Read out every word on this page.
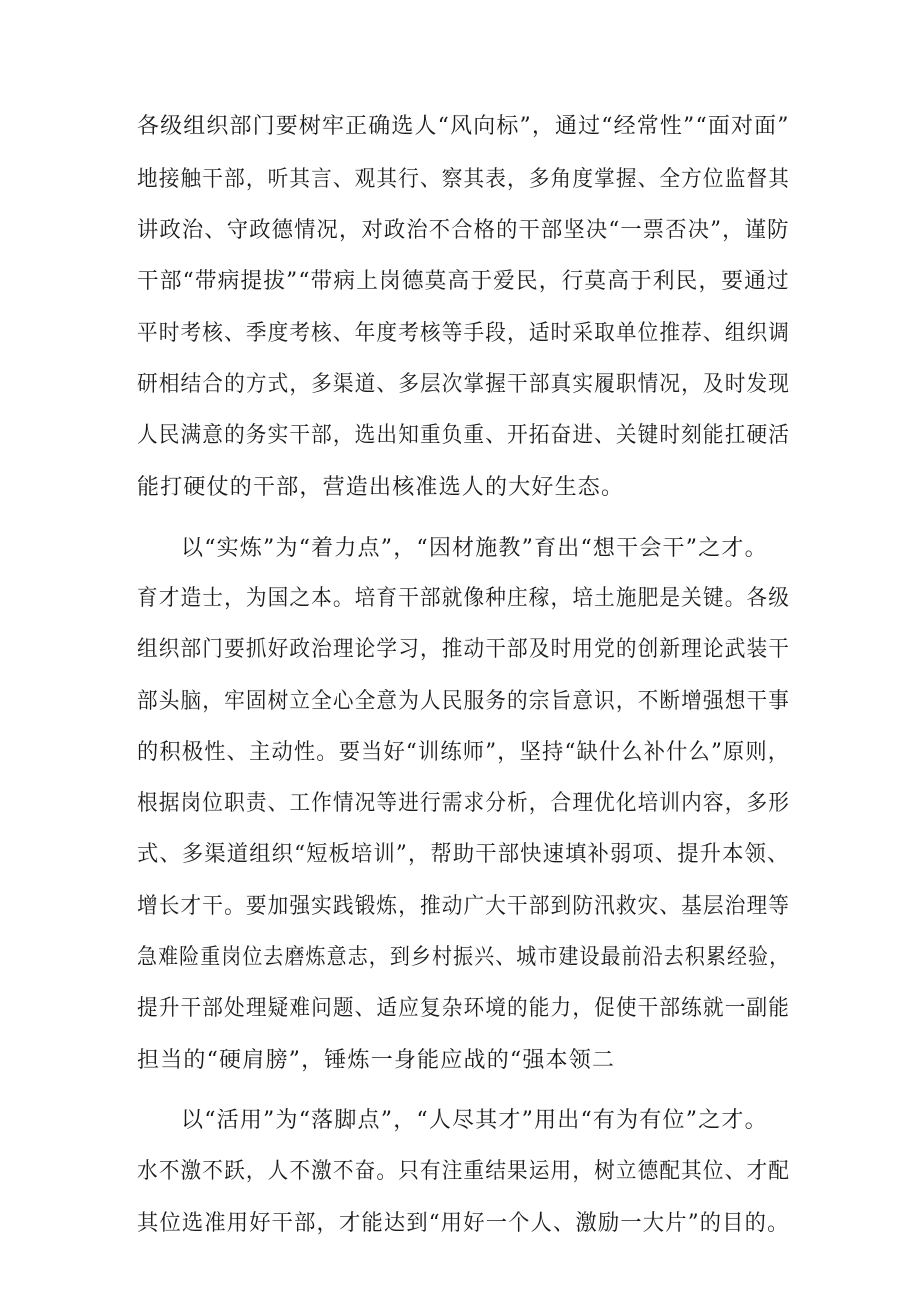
各级组织部门要树牢正确选人“风向标”，通过“经常性”“面对面”
地接触干部，听其言、观其行、察其表，多角度掌握、全方位监督其
讲政治、守政德情况，对政治不合格的干部坚决“一票否决”，谨防
干部“带病提拔”“带病上岗德莫高于爱民，行莫高于利民，要通过
平时考核、季度考核、年度考核等手段，适时采取单位推荐、组织调
研相结合的方式，多渠道、多层次掌握干部真实履职情况，及时发现
人民满意的务实干部，选出知重负重、开拓奋进、关键时刻能扛硬活
能打硬仗的干部，营造出核准选人的大好生态。
以“实炼”为“着力点”，“因材施教”育出“想干会干”之才。
育才造士，为国之本。培育干部就像种庄稼，培土施肥是关键。各级
组织部门要抓好政治理论学习，推动干部及时用党的创新理论武装干
部头脑，牢固树立全心全意为人民服务的宗旨意识，不断增强想干事
的积极性、主动性。要当好“训练师”，坚持“缺什么补什么”原则，
根据岗位职责、工作情况等进行需求分析，合理优化培训内容，多形
式、多渠道组织“短板培训”，帮助干部快速填补弱项、提升本领、
增长才干。要加强实践锻炼，推动广大干部到防汛救灾、基层治理等
急难险重岗位去磨炼意志，到乡村振兴、城市建设最前沿去积累经验，
提升干部处理疑难问题、适应复杂环境的能力，促使干部练就一副能
担当的“硬肩膀”，锤炼一身能应战的“强本领二
以“活用”为“落脚点”，“人尽其才”用出“有为有位”之才。
水不激不跃，人不激不奋。只有注重结果运用，树立德配其位、才配
其位选准用好干部，才能达到“用好一个人、激励一大片”的目的。
